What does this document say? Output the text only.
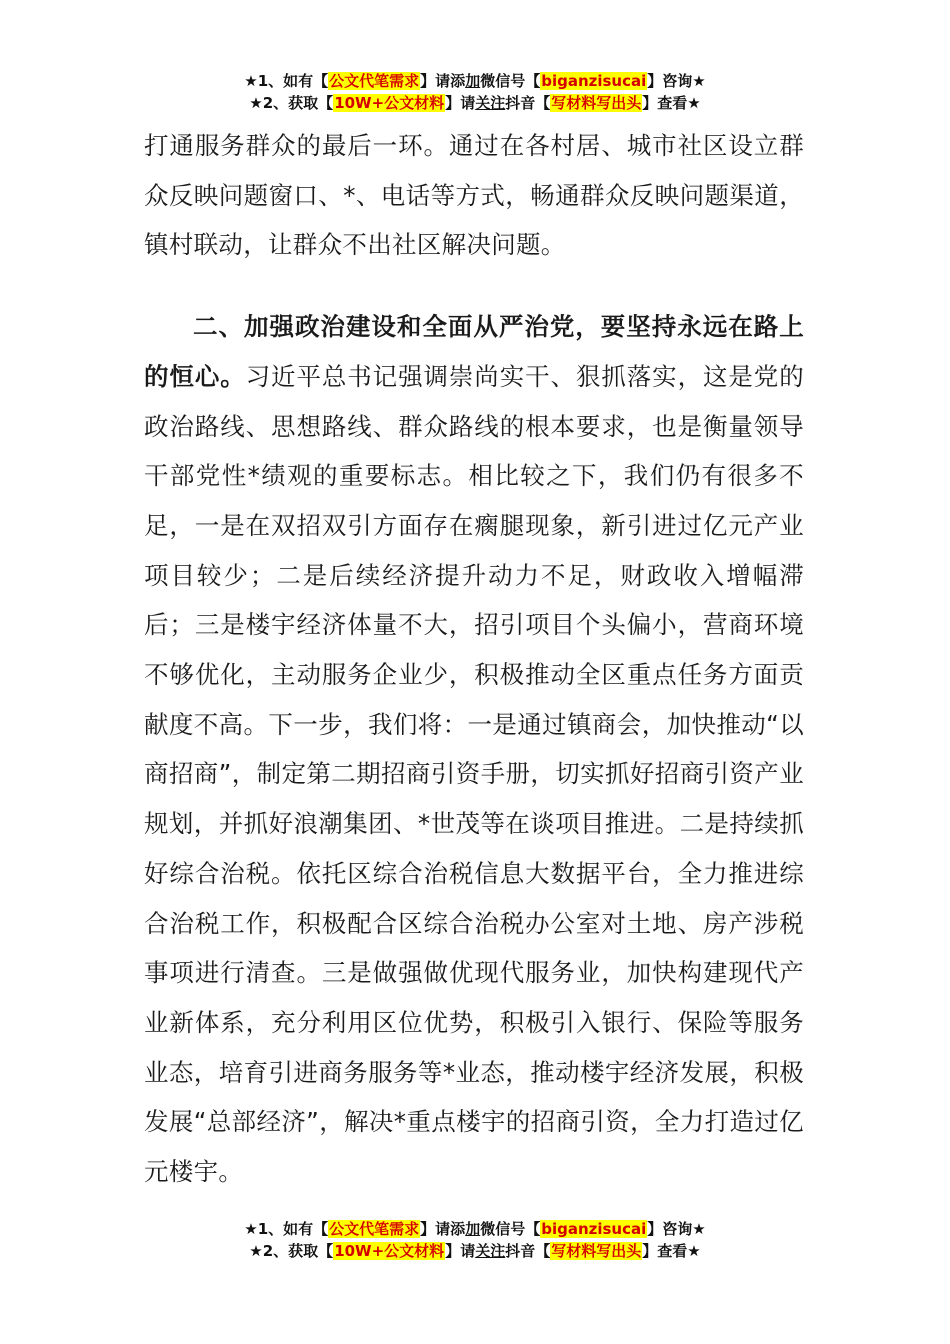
★1、如有【公文代笔需求】请添加微信号【biganzisucai】咨询★
★2、获取【10W+公文材料】请关注抖音【写材料写出头】查看★

打通服务群众的最后一环。通过在各村居、城市社区设立群众反映问题窗口、*、电话等方式，畅通群众反映问题渠道，镇村联动，让群众不出社区解决问题。

二、加强政治建设和全面从严治党，要坚持永远在路上的恒心。习近平总书记强调崇尚实干、狠抓落实，这是党的政治路线、思想路线、群众路线的根本要求，也是衡量领导干部党性*绩观的重要标志。相比较之下，我们仍有很多不足，一是在双招双引方面存在瘸腿现象，新引进过亿元产业项目较少；二是后续经济提升动力不足，财政收入增幅滞后；三是楼宇经济体量不大，招引项目个头偏小，营商环境不够优化，主动服务企业少，积极推动全区重点任务方面贡献度不高。下一步，我们将：一是通过镇商会，加快推动“以商招商”，制定第二期招商引资手册，切实抓好招商引资产业规划，并抓好浪潮集团、*世茂等在谈项目推进。二是持续抓好综合治税。依托区综合治税信息大数据平台，全力推进综合治税工作，积极配合区综合治税办公室对土地、房产涉税事项进行清查。三是做强做优现代服务业，加快构建现代产业新体系，充分利用区位优势，积极引入银行、保险等服务业态，培育引进商务服务等*业态，推动楼宇经济发展，积极发展“总部经济”，解决*重点楼宇的招商引资，全力打造过亿元楼宇。

★1、如有【公文代笔需求】请添加微信号【biganzisucai】咨询★
★2、获取【10W+公文材料】请关注抖音【写材料写出头】查看★
